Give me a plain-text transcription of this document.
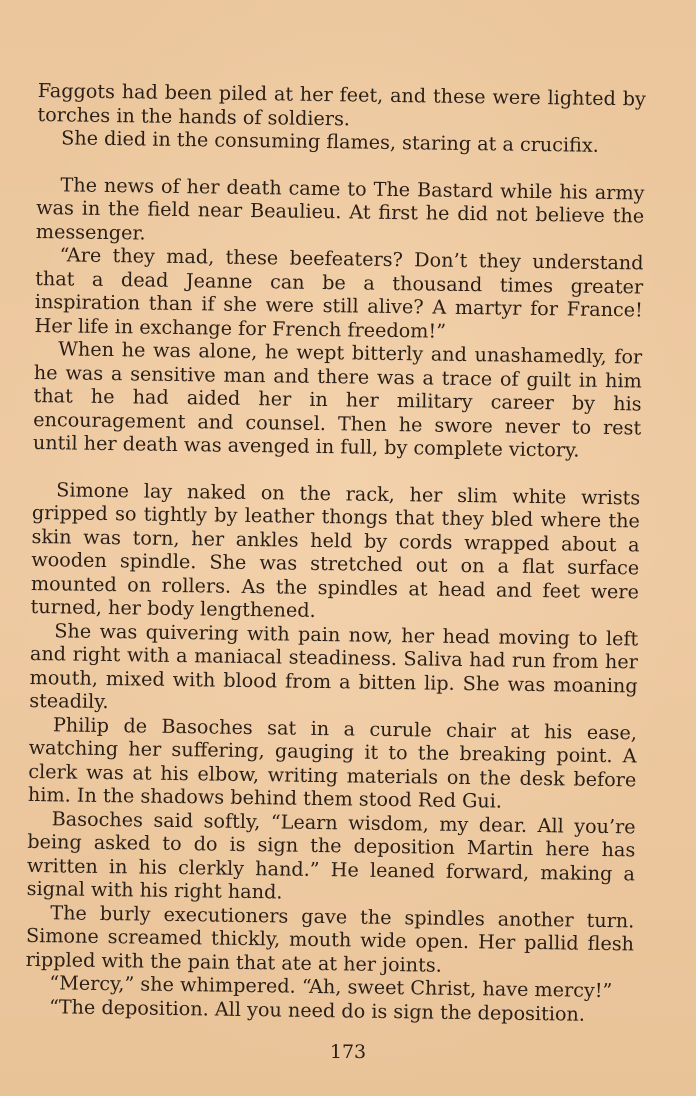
Faggots had been piled at her feet, and these were lighted by torches in the hands of soldiers.

She died in the consuming flames, staring at a crucifix.

The news of her death came to The Bastard while his army was in the field near Beaulieu. At first he did not believe the messenger.

“Are they mad, these beefeaters? Don’t they understand that a dead Jeanne can be a thousand times greater inspiration than if she were still alive? A martyr for France! Her life in exchange for French freedom!”

When he was alone, he wept bitterly and unashamedly, for he was a sensitive man and there was a trace of guilt in him that he had aided her in her military career by his encouragement and counsel. Then he swore never to rest until her death was avenged in full, by complete victory.

Simone lay naked on the rack, her slim white wrists gripped so tightly by leather thongs that they bled where the skin was torn, her ankles held by cords wrapped about a wooden spindle. She was stretched out on a flat surface mounted on rollers. As the spindles at head and feet were turned, her body lengthened.

She was quivering with pain now, her head moving to left and right with a maniacal steadiness. Saliva had run from her mouth, mixed with blood from a bitten lip. She was moaning steadily.

Philip de Basoches sat in a curule chair at his ease, watching her suffering, gauging it to the breaking point. A clerk was at his elbow, writing materials on the desk before him. In the shadows behind them stood Red Gui.

Basoches said softly, “Learn wisdom, my dear. All you’re being asked to do is sign the deposition Martin here has written in his clerkly hand.” He leaned forward, making a signal with his right hand.

The burly executioners gave the spindles another turn. Simone screamed thickly, mouth wide open. Her pallid flesh rippled with the pain that ate at her joints.

“Mercy,” she whimpered. “Ah, sweet Christ, have mercy!”

“The deposition. All you need do is sign the deposition.

173
